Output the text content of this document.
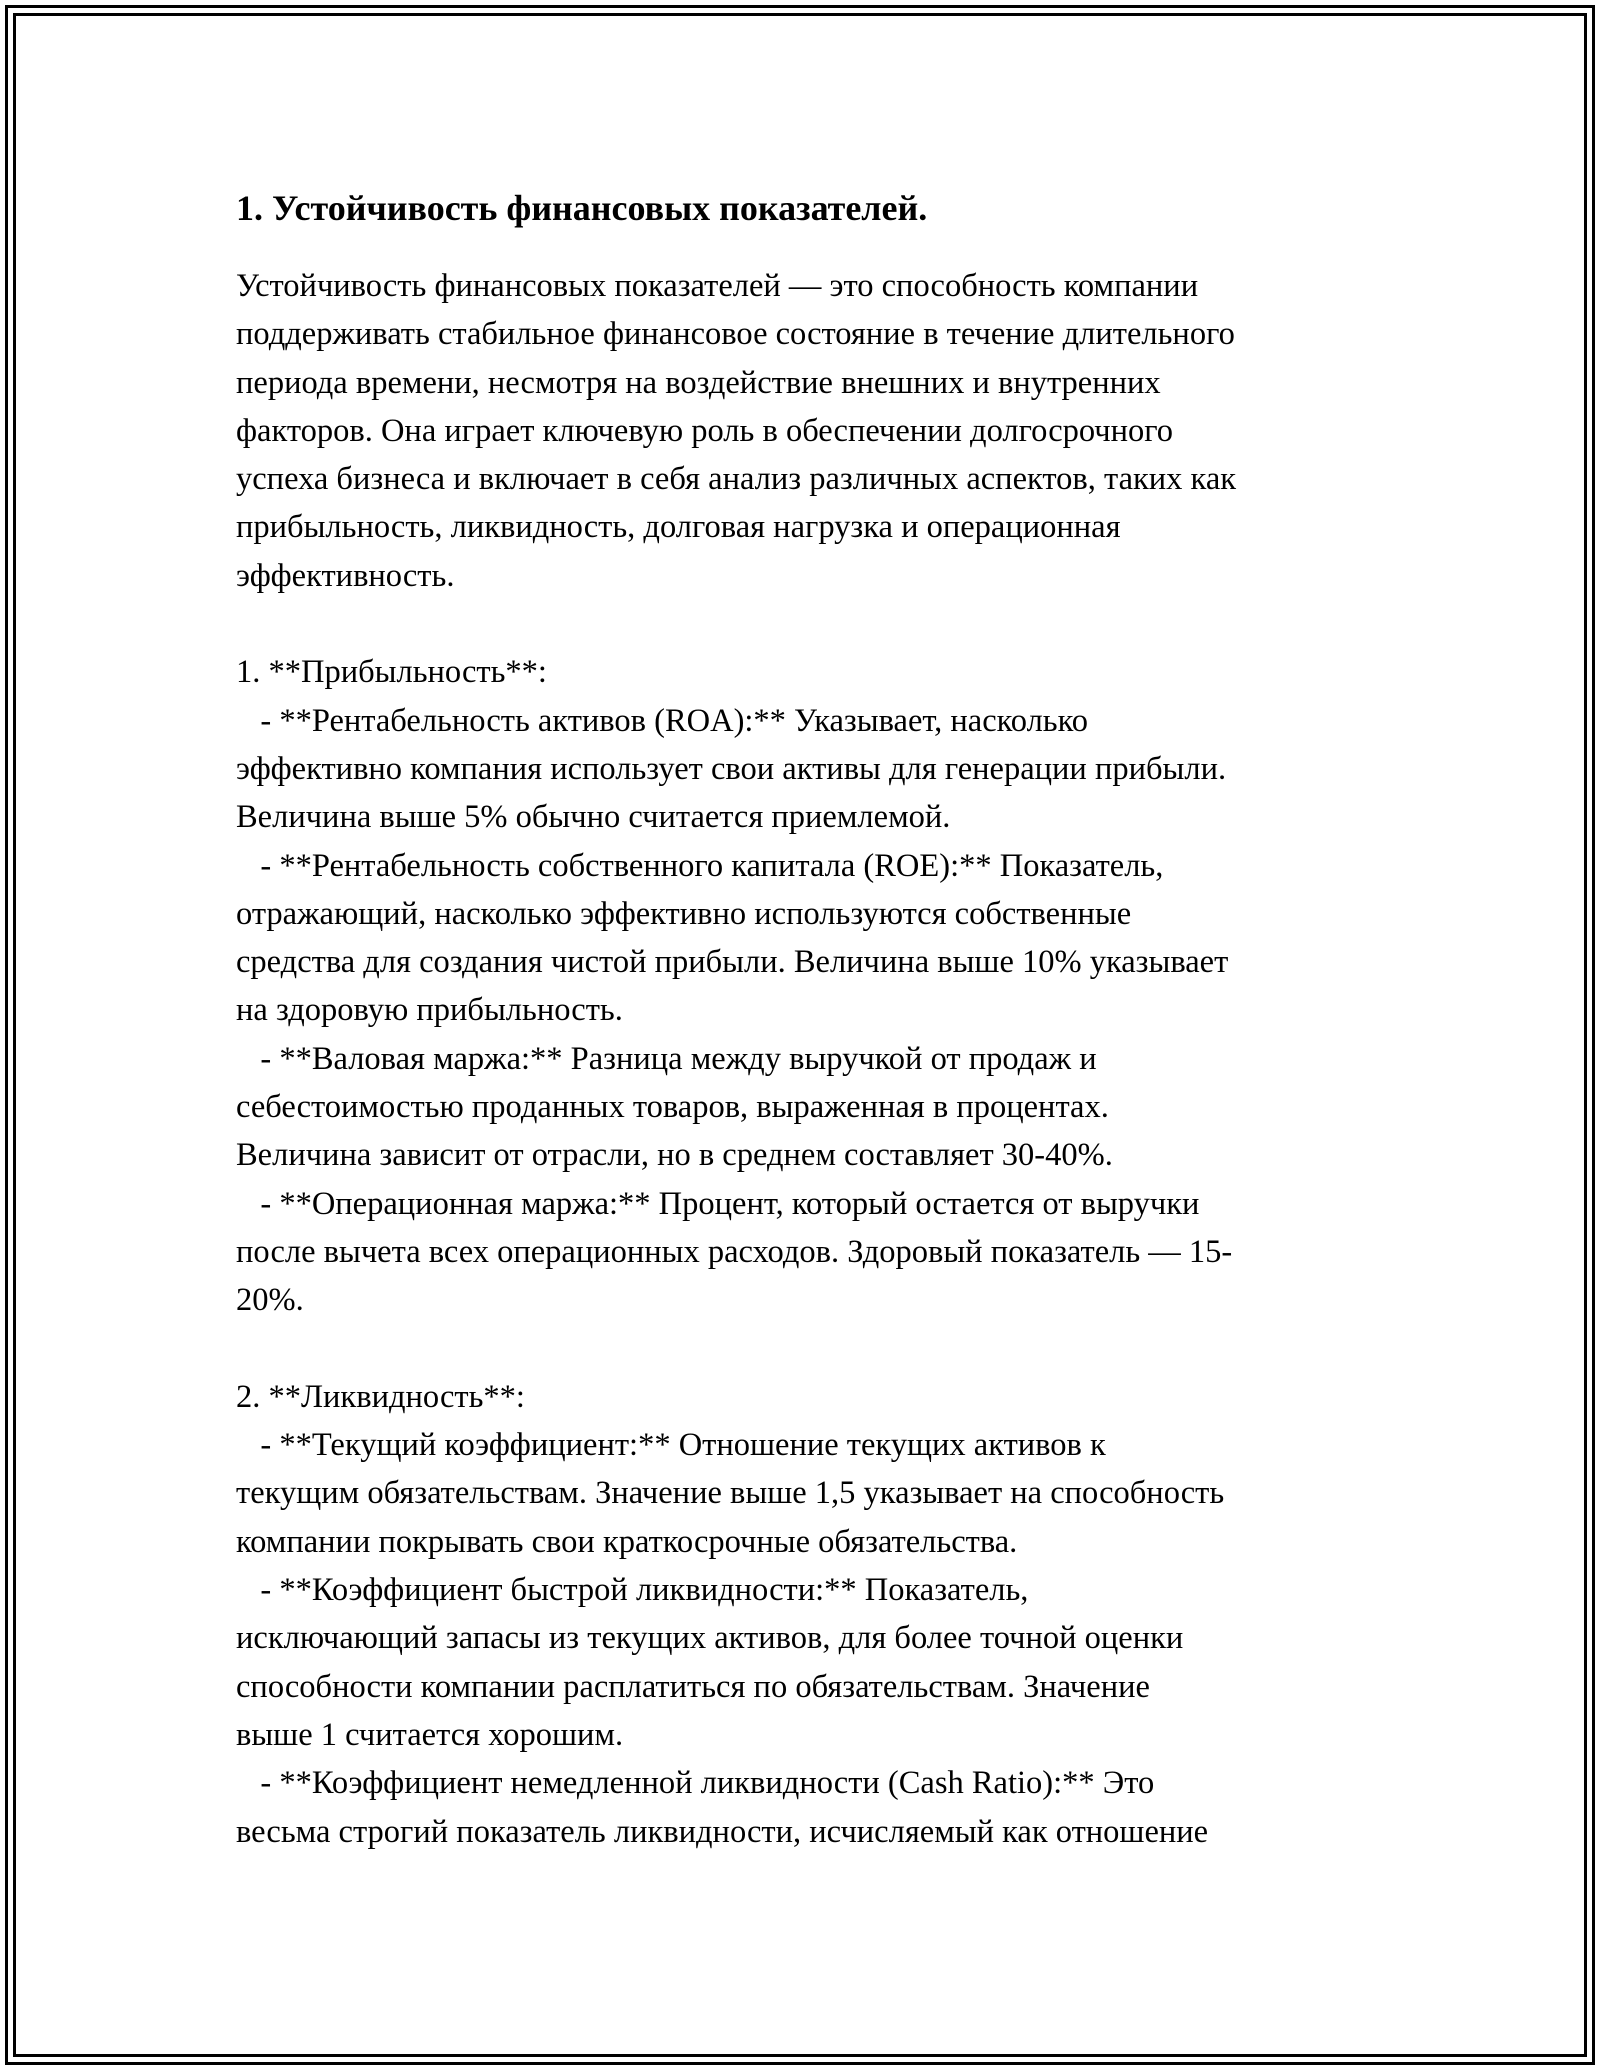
1. Устойчивость финансовых показателей.
Устойчивость финансовых показателей — это способность компании
поддерживать стабильное финансовое состояние в течение длительного
периода времени, несмотря на воздействие внешних и внутренних
факторов. Она играет ключевую роль в обеспечении долгосрочного
успеха бизнеса и включает в себя анализ различных аспектов, таких как
прибыльность, ликвидность, долговая нагрузка и операционная
эффективность.
1. **Прибыльность**:
- **Рентабельность активов (ROA):** Указывает, насколько
эффективно компания использует свои активы для генерации прибыли.
Величина выше 5% обычно считается приемлемой.
- **Рентабельность собственного капитала (ROE):** Показатель,
отражающий, насколько эффективно используются собственные
средства для создания чистой прибыли. Величина выше 10% указывает
на здоровую прибыльность.
- **Валовая маржа:** Разница между выручкой от продаж и
себестоимостью проданных товаров, выраженная в процентах.
Величина зависит от отрасли, но в среднем составляет 30-40%.
- **Операционная маржа:** Процент, который остается от выручки
после вычета всех операционных расходов. Здоровый показатель — 15-
20%.
2. **Ликвидность**:
- **Текущий коэффициент:** Отношение текущих активов к
текущим обязательствам. Значение выше 1,5 указывает на способность
компании покрывать свои краткосрочные обязательства.
- **Коэффициент быстрой ликвидности:** Показатель,
исключающий запасы из текущих активов, для более точной оценки
способности компании расплатиться по обязательствам. Значение
выше 1 считается хорошим.
- **Коэффициент немедленной ликвидности (Cash Ratio):** Это
весьма строгий показатель ликвидности, исчисляемый как отношение
